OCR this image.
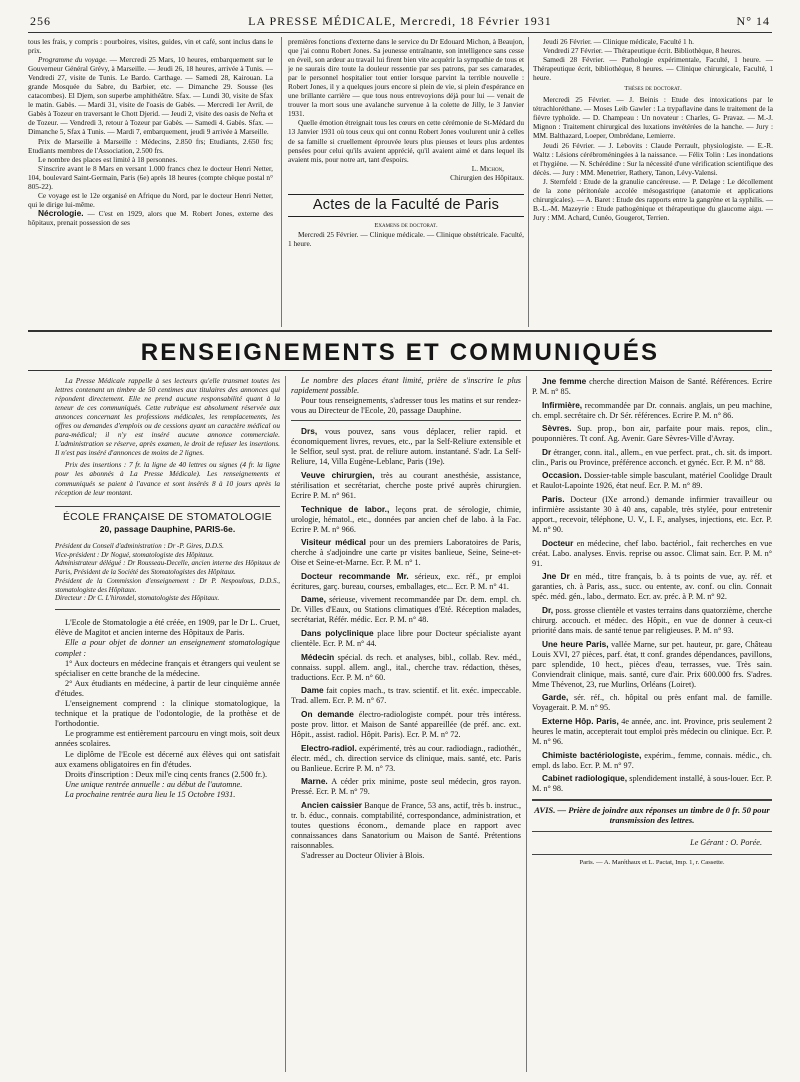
256	LA PRESSE MÉDICALE, Mercredi, 18 Février 1931	N° 14

tous les frais, y compris : pourboires, visites, guides, vin et café, sont inclus dans le prix.

Programme du voyage. — Mercredi 25 Mars, 10 heures, embarquement sur le Gouverneur Général Grévy, à Marseille. — Jeudi 26, 18 heures, arrivée à Tunis. — Vendredi 27, visite de Tunis. Le Bardo. Carthage. — Samedi 28, Kairouan. La grande Mosquée du Sabre, du Barbier, etc. — Dimanche 29. Sousse (les catacombes). El Djem, son superbe amphithéâtre. Sfax. — Lundi 30, visite de Sfax le matin. Gabès. — Mardi 31, visite de l'oasis de Gabès. — Mercredi 1er Avril, de Gabès à Tozeur en traversant le Chott Djerid. — Jeudi 2, visite des oasis de Nefta et de Tozeur. — Vendredi 3, retour à Tozeur par Gabès. — Samedi 4. Gabès. Sfax. — Dimanche 5, Sfax à Tunis. — Mardi 7, embarquement, jeudi 9 arrivée à Marseille.

Prix de Marseille à Marseille : Médecins, 2.850 frs; Etudiants, 2.650 frs; Etudiants membres de l'Association, 2.500 frs.

Le nombre des places est limité à 18 personnes.

S'inscrire avant le 8 Mars en versant 1.000 francs chez le docteur Henri Netter, 104, boulevard Saint-Germain, Paris (6e) après 18 heures (compte chèque postal n° 805-22).

Ce voyage est le 12e organisé en Afrique du Nord, par le docteur Henri Netter, qui le dirige lui-même.

Nécrologie. — C'est en 1929, alors que M. Robert Jones, externe des hôpitaux, prenait possession de ses

premières fonctions d'externe dans le service du Dr Edouard Michon, à Beaujon, que j'ai connu Robert Jones. Sa jeunesse entraînante, son intelligence sans cesse en éveil, son ardeur au travail lui firent bien vite acquérir la sympathie de tous et je ne saurais dire toute la douleur ressentie par ses patrons, par ses camarades, par le personnel hospitalier tout entier lorsque parvint la terrible nouvelle : Robert Jones, il y a quelques jours encore si plein de vie, si plein d'espérance en une brillante carrière — que tous nous entrevoyions déjà pour lui — venait de trouver la mort sous une avalanche survenue à la colette de Jilly, le 3 Janvier 1931.

Quelle émotion étreignait tous les cœurs en cette cérémonie de St-Médard du 13 Janvier 1931 où tous ceux qui ont connu Robert Jones voulurent unir à celles de sa famille si cruellement éprouvée leurs plus pieuses et leurs plus ardentes pensées pour celui qu'ils avaient apprécié, qu'il avaient aimé et dans lequel ils avaient mis, pour notre art, tant d'espoirs.

L. Michon,

Chirurgien des Hôpitaux.

Actes de la Faculté de Paris

Examens de doctorat.

Mercredi 25 Février. — Clinique médicale. — Clinique obstétricale. Faculté, 1 heure.

Jeudi 26 Février. — Clinique médicale, Faculté 1 h.

Vendredi 27 Février. — Thérapeutique écrit. Bibliothèque, 8 heures.

Samedi 28 Février. — Pathologie expérimentale, Faculté, 1 heure. — Thérapeutique écrit, bibliothèque, 8 heures. — Clinique chirurgicale, Faculté, 1 heure.

Thèses de doctorat.

Mercredi 25 Février. — J. Beinis : Etude des intoxications par le tétrachloréthane. — Moses Leib Gawler : La trypaflavine dans le traitement de la fièvre typhoïde. — D. Champeau : Un novateur : Charles, G- Pravaz. — M.-J. Mignon : Traitement chirurgical des luxations invétérées de la hanche. — Jury : MM. Balthazard, Loeper, Ombrédane, Lemierre.

Jeudi 26 Février. — J. Lebovits : Claude Perrault, physiologiste. — E.-R. Waltz : Lésions cérébroméningées à la naissance. — Félix Tolin : Les inondations et l'hygiène. — N. Schérédine : Sur la nécessité d'une vérification scientifique des décès. — Jury : MM. Menetrier, Rathery, Tanon, Lévy-Valensi.

J. Sternfeld : Etude de la granulie cancéreuse. — P. Delage : Le décollement de la zone péritonéale accolée mésogastrique (anatomie et applications chirurgicales). — A. Baret : Etude des rapports entre la gangrène et la syphilis. — B.-L.-M. Mazeyrie : Etude pathogénique et thérapeutique du glaucome aigu. — Jury : MM. Achard, Cunéo, Gougerot, Terrien.

RENSEIGNEMENTS ET COMMUNIQUÉS

La Presse Médicale rappelle à ses lecteurs qu'elle transmet toutes les lettres contenant un timbre de 50 centimes aux titulaires des annonces qui répondent directement. Elle ne prend aucune responsabilité quant à la teneur de ces communiqués. Cette rubrique est absolument réservée aux annonces concernant les professions médicales, les remplacements, les offres ou demandes d'emplois ou de cessions ayant un caractère médical ou para-médical; il n'y est inséré aucune annonce commerciale. L'administration se réserve, après examen, le droit de refuser les insertions. Il n'est pas inséré d'annonces de moins de 2 lignes.

Prix des insertions : 7 fr. la ligne de 40 lettres ou signes (4 fr. la ligne pour les abonnés à La Presse Médicale). Les renseignements et communiqués se paient à l'avance et sont insérés 8 à 10 jours après la réception de leur montant.

ÉCOLE FRANÇAISE DE STOMATOLOGIE
20, passage Dauphine, PARIS-6e.

Président du Conseil d'administration : Dr -P. Gires, D.D.S.

Vice-président : Dr Nogué, stomatologiste des Hôpitaux.

Administrateur délégué : Dr Rousseau-Decelle, ancien interne des Hôpitaux de Paris, Président de la Société des Stomatologistes des Hôpitaux.

Président de la Commission d'enseignement : Dr P. Nespoulous, D.D.S., stomatologiste des Hôpitaux.

Directeur : Dr C. L'hirondel, stomatologiste des Hôpitaux.

L'Ecole de Stomatologie a été créée, en 1909, par le Dr L. Cruet, élève de Magitot et ancien interne des Hôpitaux de Paris.

Elle a pour objet de donner un enseignement stomatologique complet :

1° Aux docteurs en médecine français et étrangers qui veulent se spécialiser en cette branche de la médecine.

2° Aux étudiants en médecine, à partir de leur cinquième année d'études.

L'enseignement comprend : la clinique stomatologique, la technique et la pratique de l'odontologie, de la prothèse et de l'orthodontie.

Le programme est entièrement parcouru en vingt mois, soit deux années scolaires.

Le diplôme de l'Ecole est décerné aux élèves qui ont satisfait aux examens obligatoires en fin d'études.

Droits d'inscription : Deux mil'e cinq cents francs (2.500 fr.).

Une unique rentrée annuelle : au début de l'automne.

La prochaine rentrée aura lieu le 15 Octobre 1931.

Le nombre des places étant limité, prière de s'inscrire le plus rapidement possible.

Pour tous renseignements, s'adresser tous les matins et sur rendez-vous au Directeur de l'Ecole, 20, passage Dauphine.

Drs, vous pouvez, sans vous déplacer, relier rapid. et économiquement livres, revues, etc., par la Self-Reliure extensible et le Selfior, seul syst. prat. de reliure autom. instantané. S'adr. La Self-Reliure, 14, Villa Eugène-Leblanc, Paris (19e).

Veuve chirurgien, très au courant anesthésie, assistance, stérilisation et secrétariat, cherche poste privé auprès chirurgien. Ecrire P. M. n° 961.

Technique de labor., leçons prat. de sérologie, chimie, urologie, hématol., etc., données par ancien chef de labo. à la Fac. Ecrire P. M. n° 966.

Visiteur médical pour un des premiers Laboratoires de Paris, cherche à s'adjoindre une carte pr visites banlieue, Seine, Seine-et-Oise et Seine-et-Marne. Ecr. P. M. n° 1.

Docteur recommande Mr. sérieux, exc. réf., pr emploi écritures, garç. bureau, courses, emballages, etc... Ecr. P. M. n° 41.

Dame, sérieuse, vivement recommandée par Dr. dem. empl. ch. Dr. Villes d'Eaux, ou Stations climatiques d'Eté. Réception malades, secrétariat, Référ. médic. Ecr. P. M. n° 48.

Dans polyclinique place libre pour Docteur spécialiste ayant clientèle. Ecr. P. M. n° 44.

Médecin spécial. ds rech. et analyses, bibl., collab. Rev. méd., connaiss. suppl. allem. angl., ital., cherche trav. rédaction, thèses, traductions. Ecr. P. M. n° 60.

Dame fait copies mach., ts trav. scientif. et lit. exéc. impeccable. Trad. allem. Ecr. P. M. n° 67.

On demande électro-radiologiste compét. pour très intéress. poste prov. littor. et Maison de Santé appareillée (de préf. anc. ext. Hôpit., assist. radiol. Hôpit. Paris). Ecr. P. M. n° 72.

Electro-radiol. expérimenté, très au cour. radiodiagn., radiothér., électr. méd., ch. direction service ds clinique, mais. santé, etc. Paris ou Banlieue. Ecrire P. M. n° 73.

Marne. A céder prix minime, poste seul médecin, gros rayon. Pressé. Ecr. P. M. n° 79.

Ancien caissier Banque de France, 53 ans, actif, très b. instruc., tr. b. éduc., connais. comptabilité, correspondance, administration, et toutes questions économ., demande place en rapport avec connaissances dans Sanatorium ou Maison de Santé. Prétentions raisonnables.

S'adresser au Docteur Olivier à Blois.

Jne femme cherche direction Maison de Santé. Références. Ecrire P. M. n° 85.

Infirmière, recommandée par Dr. connais. anglais, un peu machine, ch. empl. secrétaire ch. Dr Sér. références. Ecrire P. M. n° 86.

Sèvres. Sup. prop., bon air, parfaite pour mais. repos, clin., pouponnières. Tt conf. Ag. Avenir. Gare Sèvres-Ville d'Avray.

Dr étranger, conn. ital., allem., en vue perfect. prat., ch. sit. ds import. clin., Paris ou Province, préférence acconch. et gynéc. Ecr. P. M. n° 88.

Occasion. Dossier-table simple basculant, matériel Coolidge Drault et Raulot-Lapointe 1926, état neuf. Ecr. P. M. n° 89.

Paris. Docteur (IXe arrond.) demande infirmier travailleur ou infirmière assistante 30 à 40 ans, capable, très stylée, pour entretenir apport., recevoir, téléphone, U. V., I. F., analyses, injections, etc. Ecr. P. M. n° 90.

Docteur en médecine, chef labo. bactériol., fait recherches en vue créat. Labo. analyses. Envis. reprise ou assoc. Climat sain. Ecr. P. M. n° 91.

Jne Dr en méd., titre français, b. à ts points de vue, ay. réf. et garanties, ch. à Paris, ass., succ. ou entente, av. conf. ou clin. Connait spéc. méd. gén., labo., dermato. Ecr. av. préc. à P. M. n° 92.

Dr, poss. grosse clientèle et vastes terrains dans quatorzième, cherche chirurg. accouch. et médec. des Hôpit., en vue de donner à ceux-ci priorité dans mais. de santé tenue par religieuses. P. M. n° 93.

Une heure Paris, vallée Marne, sur pet. hauteur, pr. gare, Château Louis XVI, 27 pièces, parf. état, tt conf. grandes dépendances, pavillons, parc splendide, 10 hect., pièces d'eau, terrasses, vue. Très sain. Conviendrait clinique, mais. santé, cure d'air. Prix 600.000 frs. S'adres. Mme Thévenot, 23, rue Murlins, Orléans (Loiret).

Garde, sér. réf., ch. hôpital ou près enfant mal. de famille. Voyagerait. P. M. n° 95.

Externe Hôp. Paris, 4e année, anc. int. Province, pris seulement 2 heures le matin, accepterait tout emploi près médecin ou clinique. Ecr. P. M. n° 96.

Chimiste bactériologiste, expérim., femme, connais. médic., ch. empl. ds labo. Ecr. P. M. n° 97.

Cabinet radiologique, splendidement installé, à sous-louer. Ecr. P. M. n° 98.

AVIS. — Prière de joindre aux réponses un timbre de 0 fr. 50 pour transmission des lettres.

Le Gérant : O. Porée.

Paris. — A. Maréthaux et L. Pactat, Imp. 1, r. Cassette.
